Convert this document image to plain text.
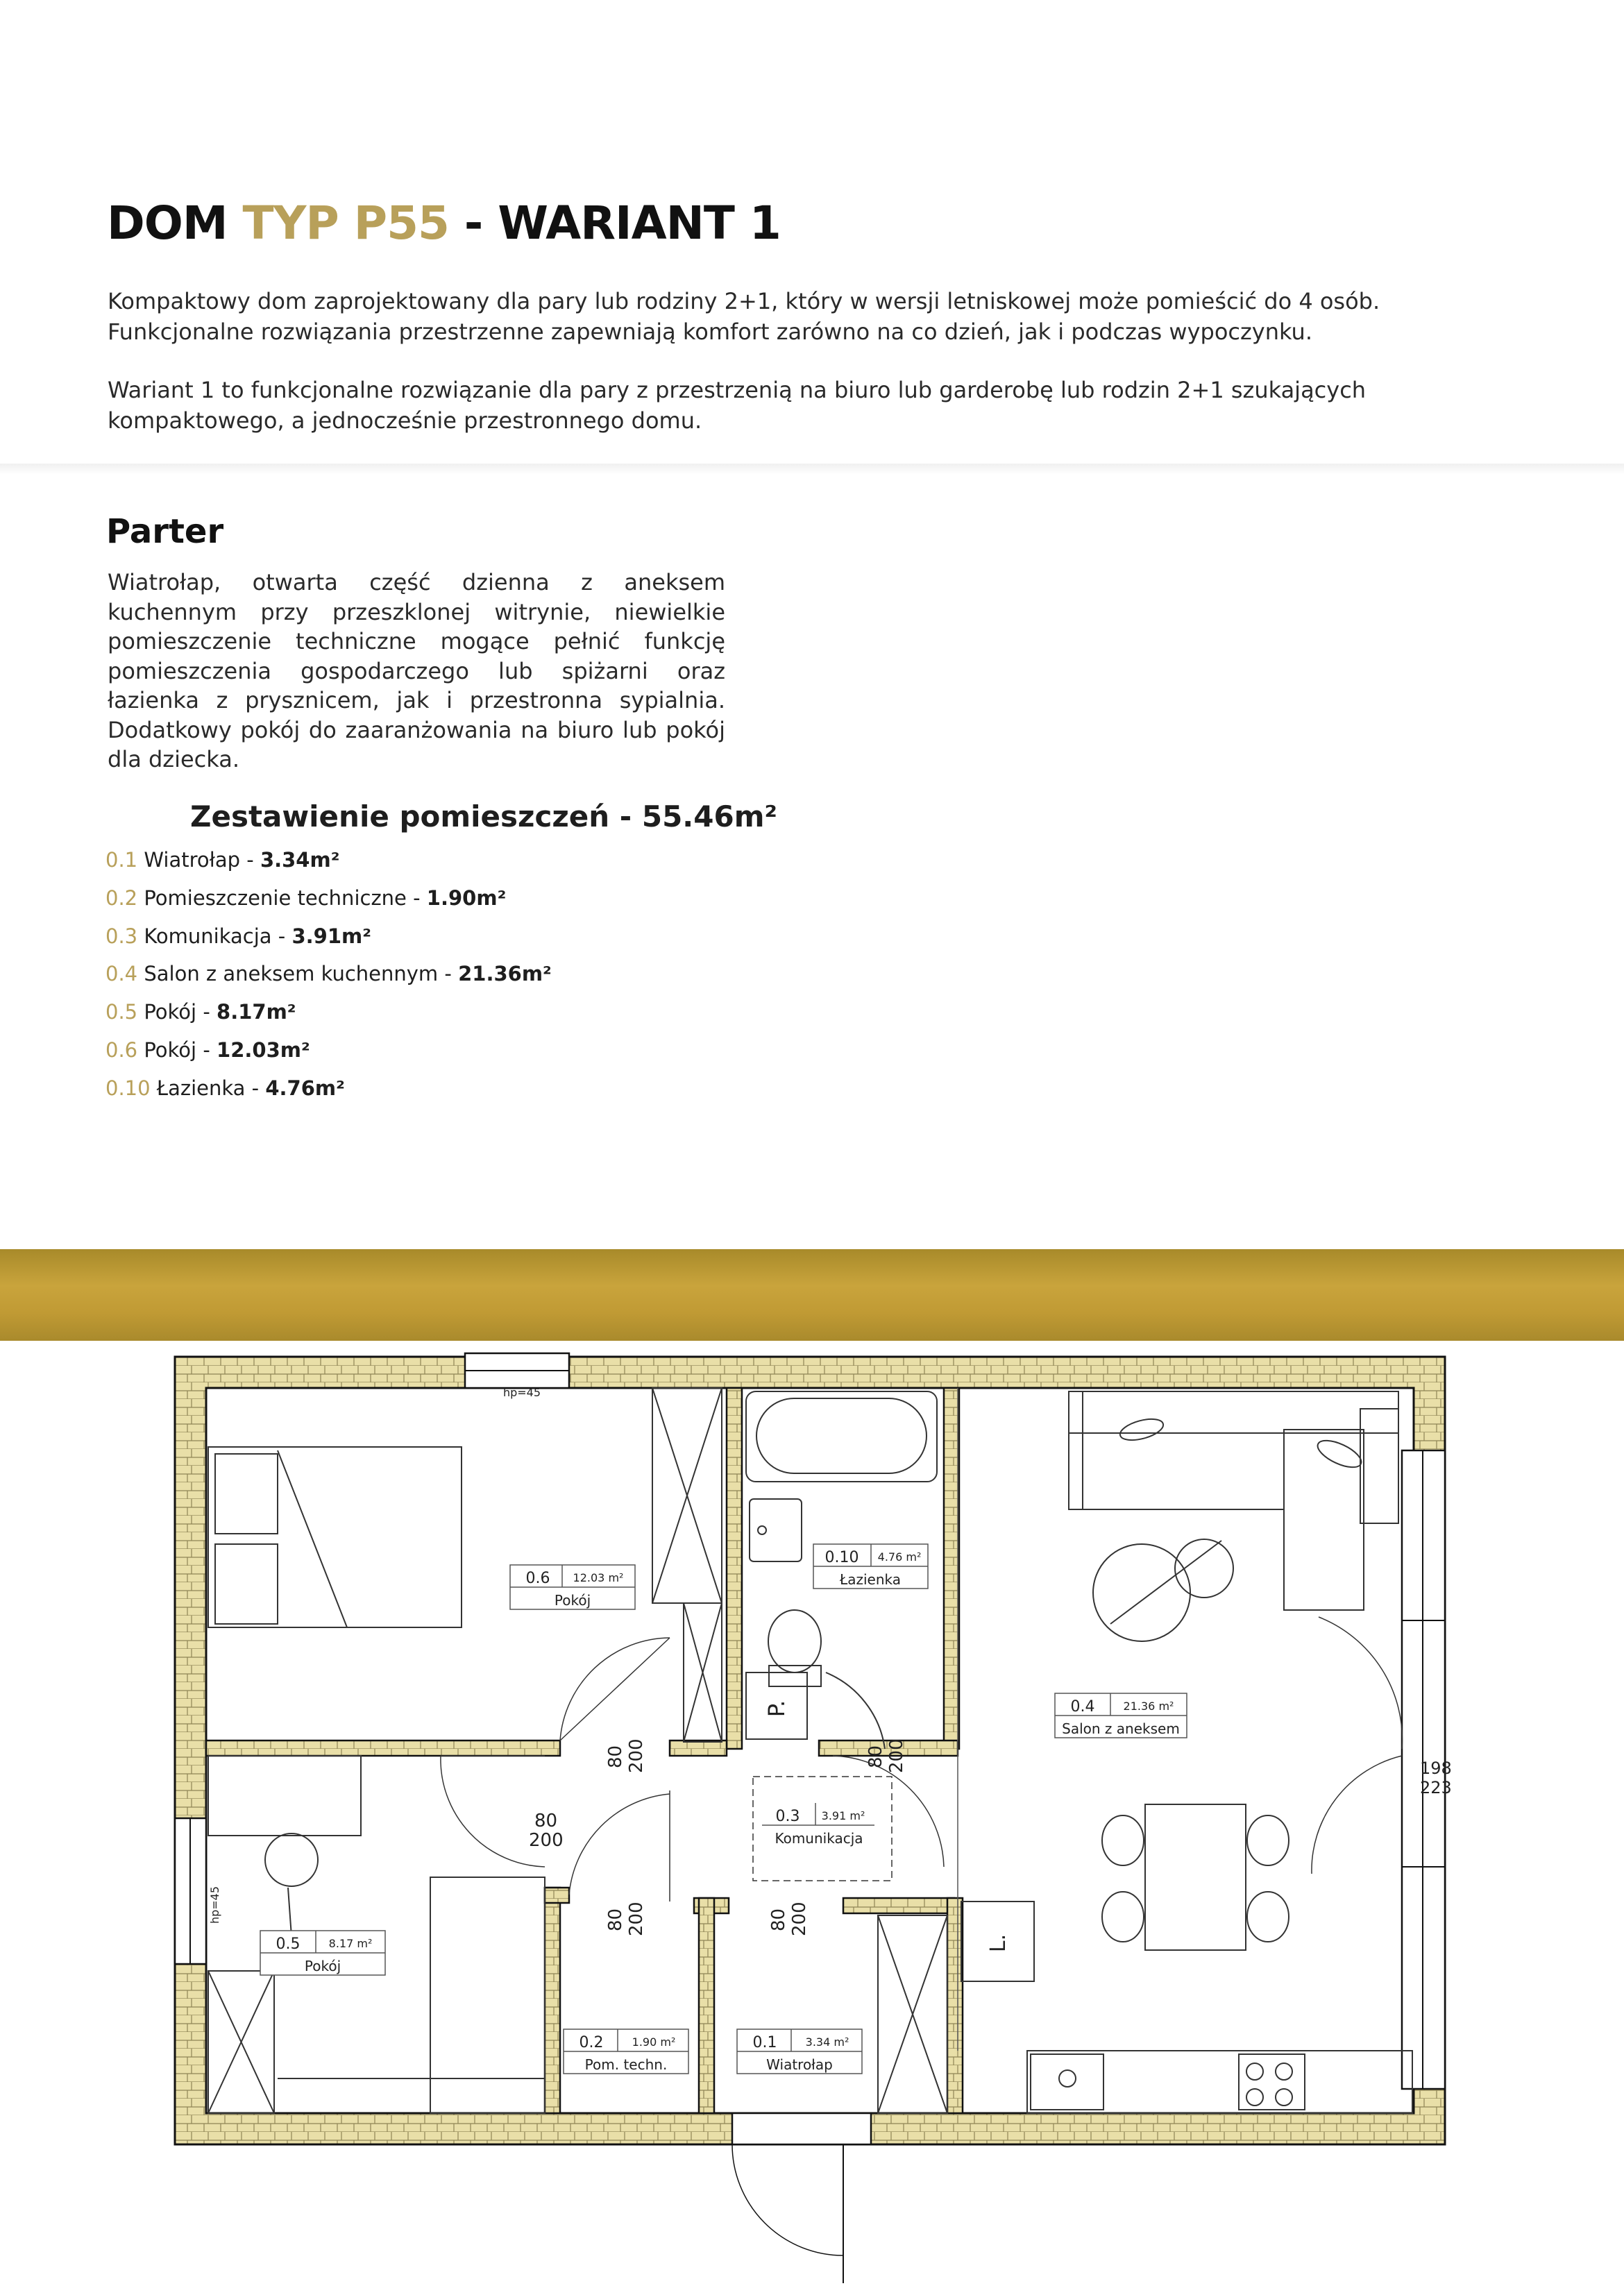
DOM TYP P55 - WARIANT 1

Kompaktowy dom zaprojektowany dla pary lub rodziny 2+1, który w wersji letniskowej może pomieścić do 4 osób. Funkcjonalne rozwiązania przestrzenne zapewniają komfort zarówno na co dzień, jak i podczas wypoczynku.

Wariant 1 to funkcjonalne rozwiązanie dla pary z przestrzenią na biuro lub garderobę lub rodzin 2+1 szukających kompaktowego, a jednocześnie przestronnego domu.

Parter

Wiatrołap, otwarta część dzienna z aneksem kuchennym przy przeszklonej witrynie, niewielkie pomieszczenie techniczne mogące pełnić funkcję pomieszczenia gospodarczego lub spiżarni oraz łazienka z prysznicem, jak i przestronna sypialnia. Dodatkowy pokój do zaaranżowania na biuro lub pokój dla dziecka.

Zestawienie pomieszczeń - 55.46m²
0.1 Wiatrołap - 3.34m²
0.2 Pomieszczenie techniczne - 1.90m²
0.3 Komunikacja - 3.91m²
0.4 Salon z aneksem kuchennym - 21.36m²
0.5 Pokój - 8.17m²
0.6 Pokój - 12.03m²
0.10 Łazienka - 4.76m²
hp=45
hp=45
198
223
P.
L.
80 200	80 200
80
200
80 200	80 200
0.6 12.03 m²
Pokój
0.10 4.76 m²
Łazienka
0.4	21.36 m²
Salon z aneksem
0.3 3.91 m²
Komunikacja
0.5	8.17 m²
Pokój
0.2	1.90 m²
Pom. techn.
0.1	3.34 m²
Wiatrołap
